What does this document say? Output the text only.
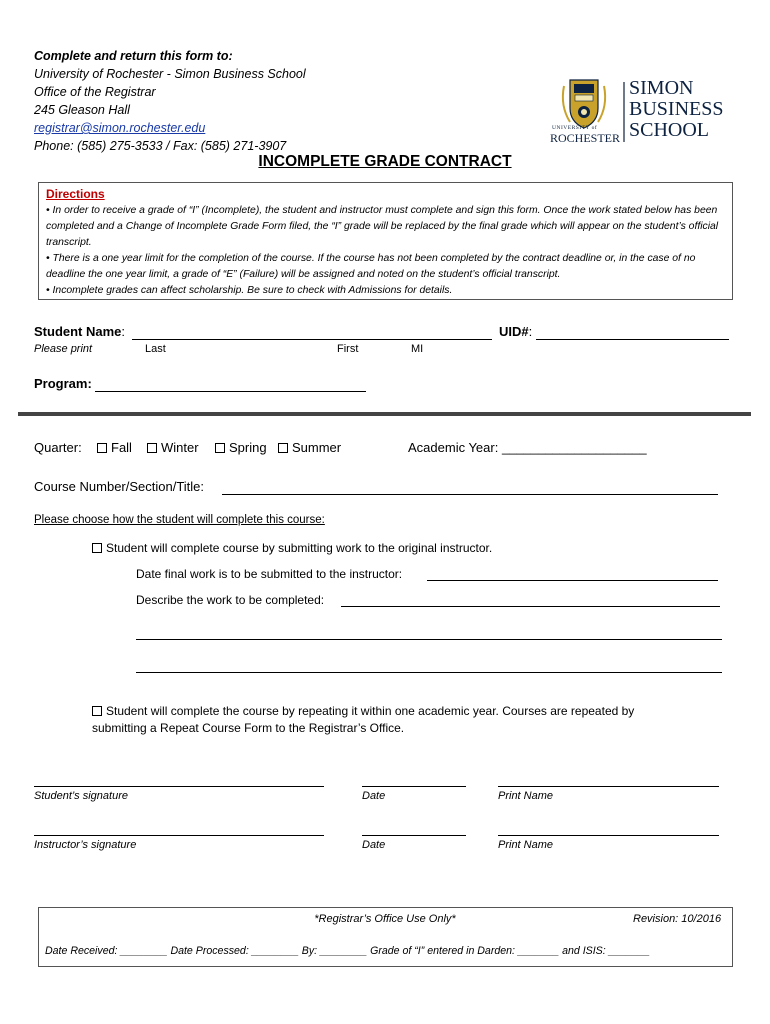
Complete and return this form to:
University of Rochester - Simon Business School
Office of the Registrar
245 Gleason Hall
registrar@simon.rochester.edu
Phone: (585) 275-3533 / Fax: (585) 271-3907
UNIVERSITY of
ROCHESTER
SIMON
BUSINESS
SCHOOL
INCOMPLETE GRADE CONTRACT
Directions
• In order to receive a grade of “I” (Incomplete), the student and instructor must complete and sign this form. Once the work stated below has been completed and a Change of Incomplete Grade Form filed, the “I” grade will be replaced by the final grade which will appear on the student’s official transcript.
• There is a one year limit for the completion of the course. If the course has not been completed by the contract deadline or, in the case of no deadline the one year limit, a grade of “E” (Failure) will be assigned and noted on the student’s official transcript.
• Incomplete grades can affect scholarship. Be sure to check with Admissions for details.
Student Name:	UID#:
Please print	Last	First	MI
Program:
Quarter:	Fall	Winter	Spring	Summer	Academic Year: ____________________
Course Number/Section/Title:
Please choose how the student will complete this course:
Student will complete course by submitting work to the original instructor.
Date final work is to be submitted to the instructor:
Describe the work to be completed:
Student will complete the course by repeating it within one academic year. Courses are repeated by
submitting a Repeat Course Form to the Registrar’s Office.
Student’s signature	Date	Print Name
Instructor’s signature	Date	Print Name
*Registrar’s Office Use Only*	Revision: 10/2016
Date Received: ________ Date Processed: ________ By: ________ Grade of “I” entered in Darden: _______ and ISIS: _______
